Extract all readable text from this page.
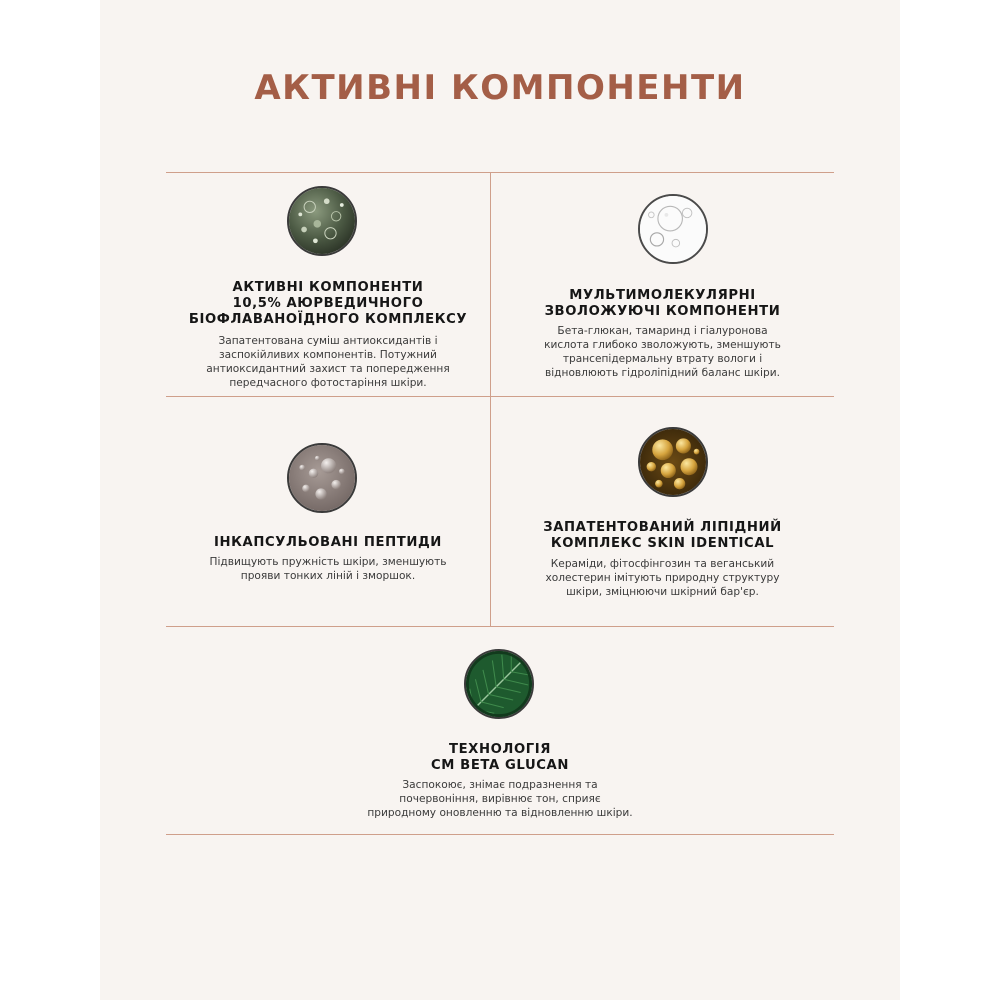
АКТИВНІ КОМПОНЕНТИ
АКТИВНІ КОМПОНЕНТИ
10,5% АЮРВЕДИЧНОГО
БІОФЛАВАНОЇДНОГО КОМПЛЕКСУ
Запатентована суміш антиоксидантів і
заспокійливих компонентів. Потужний
антиоксидантний захист та попередження
передчасного фотостаріння шкіри.
МУЛЬТИМОЛЕКУЛЯРНІ
ЗВОЛОЖУЮЧІ КОМПОНЕНТИ
Бета-глюкан, тамаринд і гіалуронова
кислота глибоко зволожують, зменшують
трансепідермальну втрату вологи і
відновлюють гідроліпідний баланс шкіри.
ІНКАПСУЛЬОВАНІ ПЕПТИДИ
Підвищують пружність шкіри, зменшують
прояви тонких ліній і зморшок.
ЗАПАТЕНТОВАНИЙ ЛІПІДНИЙ
КОМПЛЕКС SKIN IDENTICAL
Кераміди, фітосфінгозин та веганський
холестерин імітують природну структуру
шкіри, зміцнюючи шкірний бар'єр.
ТЕХНОЛОГІЯ
CM BETA GLUCAN
Заспокоює, знімає подразнення та
почервоніння, вирівнює тон, сприяє
природному оновленню та відновленню шкіри.
